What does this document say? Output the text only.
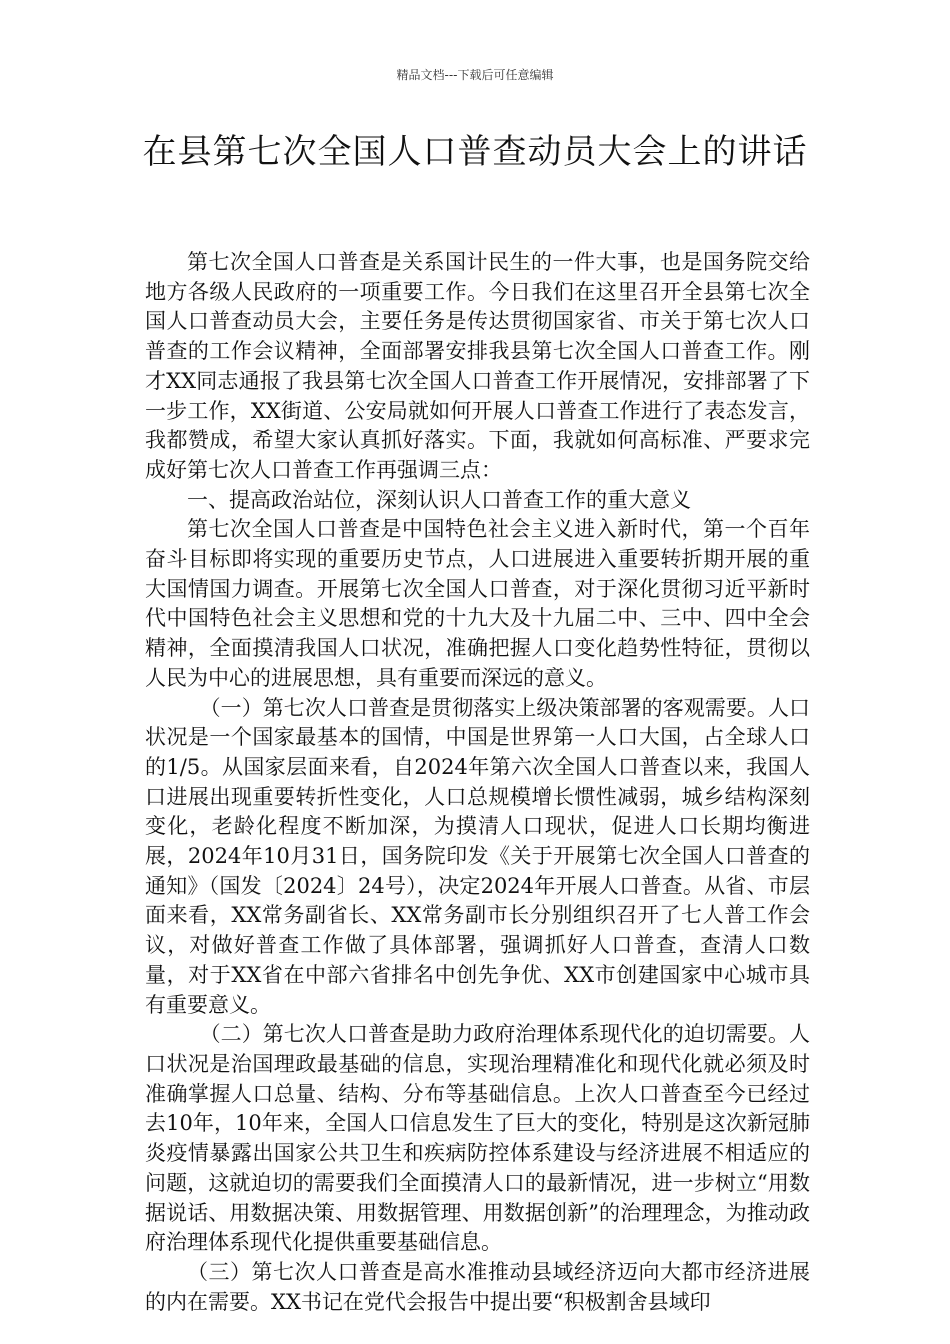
精品文档---下载后可任意编辑
在县第七次全国人口普查动员大会上的讲话

第七次全国人口普查是关系国计民生的一件大事，也是国务院交给地方各级人民政府的一项重要工作。今日我们在这里召开全县第七次全国人口普查动员大会，主要任务是传达贯彻国家省、市关于第七次人口普查的工作会议精神，全面部署安排我县第七次全国人口普查工作。刚才XX同志通报了我县第七次全国人口普查工作开展情况，安排部署了下一步工作，XX街道、公安局就如何开展人口普查工作进行了表态发言，我都赞成，希望大家认真抓好落实。下面，我就如何高标准、严要求完成好第七次人口普查工作再强调三点：

一、提高政治站位，深刻认识人口普查工作的重大意义

第七次全国人口普查是中国特色社会主义进入新时代，第一个百年奋斗目标即将实现的重要历史节点，人口进展进入重要转折期开展的重大国情国力调查。开展第七次全国人口普查，对于深化贯彻习近平新时代中国特色社会主义思想和党的十九大及十九届二中、三中、四中全会精神，全面摸清我国人口状况，准确把握人口变化趋势性特征，贯彻以人民为中心的进展思想，具有重要而深远的意义。

（一）第七次人口普查是贯彻落实上级决策部署的客观需要。人口状况是一个国家最基本的国情，中国是世界第一人口大国，占全球人口的1/5。从国家层面来看，自2024年第六次全国人口普查以来，我国人口进展出现重要转折性变化，人口总规模增长惯性减弱，城乡结构深刻变化，老龄化程度不断加深，为摸清人口现状，促进人口长期均衡进展，2024年10月31日，国务院印发《关于开展第七次全国人口普查的通知》（国发〔2024〕24号），决定2024年开展人口普查。从省、市层面来看，XX常务副省长、XX常务副市长分别组织召开了七人普工作会议，对做好普查工作做了具体部署，强调抓好人口普查，查清人口数量，对于XX省在中部六省排名中创先争优、XX市创建国家中心城市具有重要意义。

（二）第七次人口普查是助力政府治理体系现代化的迫切需要。人口状况是治国理政最基础的信息，实现治理精准化和现代化就必须及时准确掌握人口总量、结构、分布等基础信息。上次人口普查至今已经过去10年，10年来，全国人口信息发生了巨大的变化，特别是这次新冠肺炎疫情暴露出国家公共卫生和疾病防控体系建设与经济进展不相适应的问题，这就迫切的需要我们全面摸清人口的最新情况，进一步树立“用数据说话、用数据决策、用数据管理、用数据创新”的治理理念，为推动政府治理体系现代化提供重要基础信息。

（三）第七次人口普查是高水准推动县域经济迈向大都市经济进展的内在需要。XX书记在党代会报告中提出要“积极割舍县域印
